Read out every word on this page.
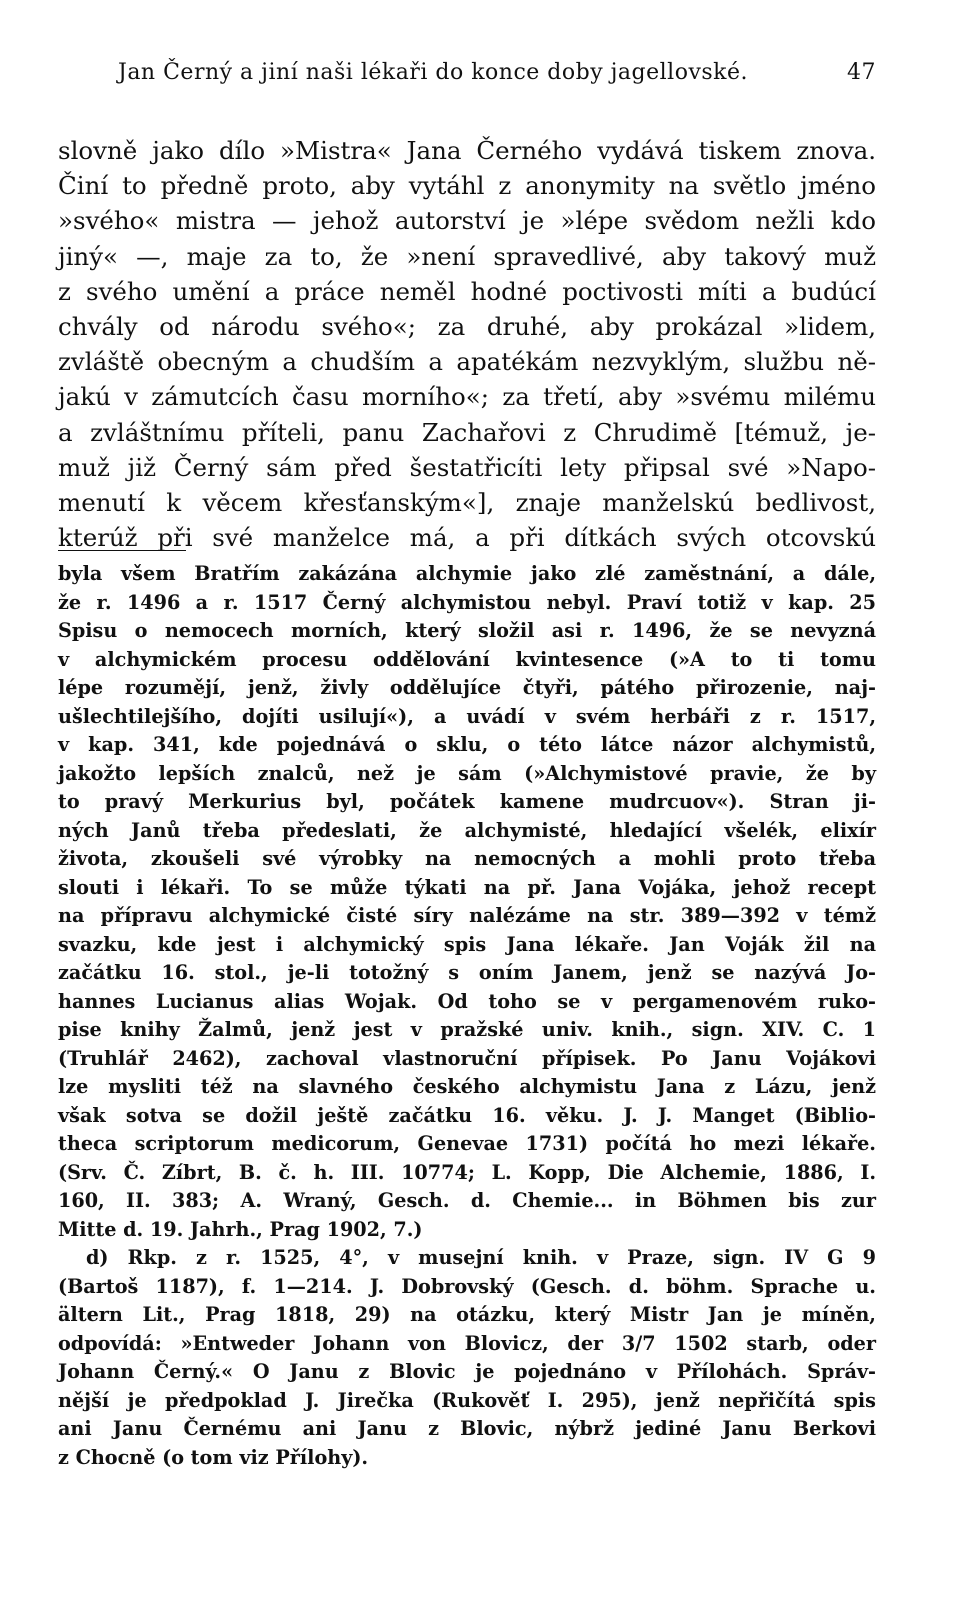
Jan Černý a jiní naši lékaři do konce doby jagellovské.	47
slovně jako dílo »Mistra« Jana Černého vydává tiskem znova.
Činí to předně proto, aby vytáhl z anonymity na světlo jméno
»svého« mistra — jehož autorství je »lépe svědom nežli kdo
jiný« —, maje za to, že »není spravedlivé, aby takový muž
z svého umění a práce neměl hodné poctivosti míti a budúcí
chvály od národu svého«; za druhé, aby prokázal »lidem,
zvláště obecným a chudším a apatékám nezvyklým, službu ně-
jakú v zámutcích času morního«; za třetí, aby »svému milému
a zvláštnímu příteli, panu Zachařovi z Chrudimě [témuž, je-
muž již Černý sám před šestatřicíti lety připsal své »Napo-
menutí k věcem křesťanským«], znaje manželskú bedlivost,
kterúž při své manželce má, a při dítkách svých otcovskú
byla všem Bratřím zakázána alchymie jako zlé zaměstnání, a dále,
že r. 1496 a r. 1517 Černý alchymistou nebyl. Praví totiž v kap. 25
Spisu o nemocech morních, který složil asi r. 1496, že se nevyzná
v alchymickém procesu oddělování kvintesence (»A to ti tomu
lépe rozumějí, jenž, živly oddělujíce čtyři, pátého přirozenie, naj-
ušlechtilejšího, dojíti usilují«), a uvádí v svém herbáři z r. 1517,
v kap. 341, kde pojednává o sklu, o této látce názor alchymistů,
jakožto lepších znalců, než je sám (»Alchymistové pravie, že by
to pravý Merkurius byl, počátek kamene mudrcuov«). Stran ji-
ných Janů třeba předeslati, že alchymisté, hledající všelék, elixír
života, zkoušeli své výrobky na nemocných a mohli proto třeba
slouti i lékaři. To se může týkati na př. Jana Vojáka, jehož recept
na přípravu alchymické čisté síry nalézáme na str. 389—392 v témž
svazku, kde jest i alchymický spis Jana lékaře. Jan Voják žil na
začátku 16. stol., je-li totožný s oním Janem, jenž se nazývá Jo-
hannes Lucianus alias Wojak. Od toho se v pergamenovém ruko-
pise knihy Žalmů, jenž jest v pražské univ. knih., sign. XIV. C. 1
(Truhlář 2462), zachoval vlastnoruční přípisek. Po Janu Vojákovi
lze mysliti též na slavného českého alchymistu Jana z Lázu, jenž
však sotva se dožil ještě začátku 16. věku. J. J. Manget (Biblio-
theca scriptorum medicorum, Genevae 1731) počítá ho mezi lékaře.
(Srv. Č. Zíbrt, B. č. h. III. 10774; L. Kopp, Die Alchemie, 1886, I.
160, II. 383; A. Wraný, Gesch. d. Chemie... in Böhmen bis zur
Mitte d. 19. Jahrh., Prag 1902, 7.)
d) Rkp. z r. 1525, 4°, v musejní knih. v Praze, sign. IV G 9
(Bartoš 1187), f. 1—214. J. Dobrovský (Gesch. d. böhm. Sprache u.
ältern Lit., Prag 1818, 29) na otázku, který Mistr Jan je míněn,
odpovídá: »Entweder Johann von Blovicz, der 3/7 1502 starb, oder
Johann Černý.« O Janu z Blovic je pojednáno v Přílohách. Správ-
nější je předpoklad J. Jirečka (Rukověť I. 295), jenž nepřičítá spis
ani Janu Černému ani Janu z Blovic, nýbrž jediné Janu Berkovi
z Chocně (o tom viz Přílohy).
